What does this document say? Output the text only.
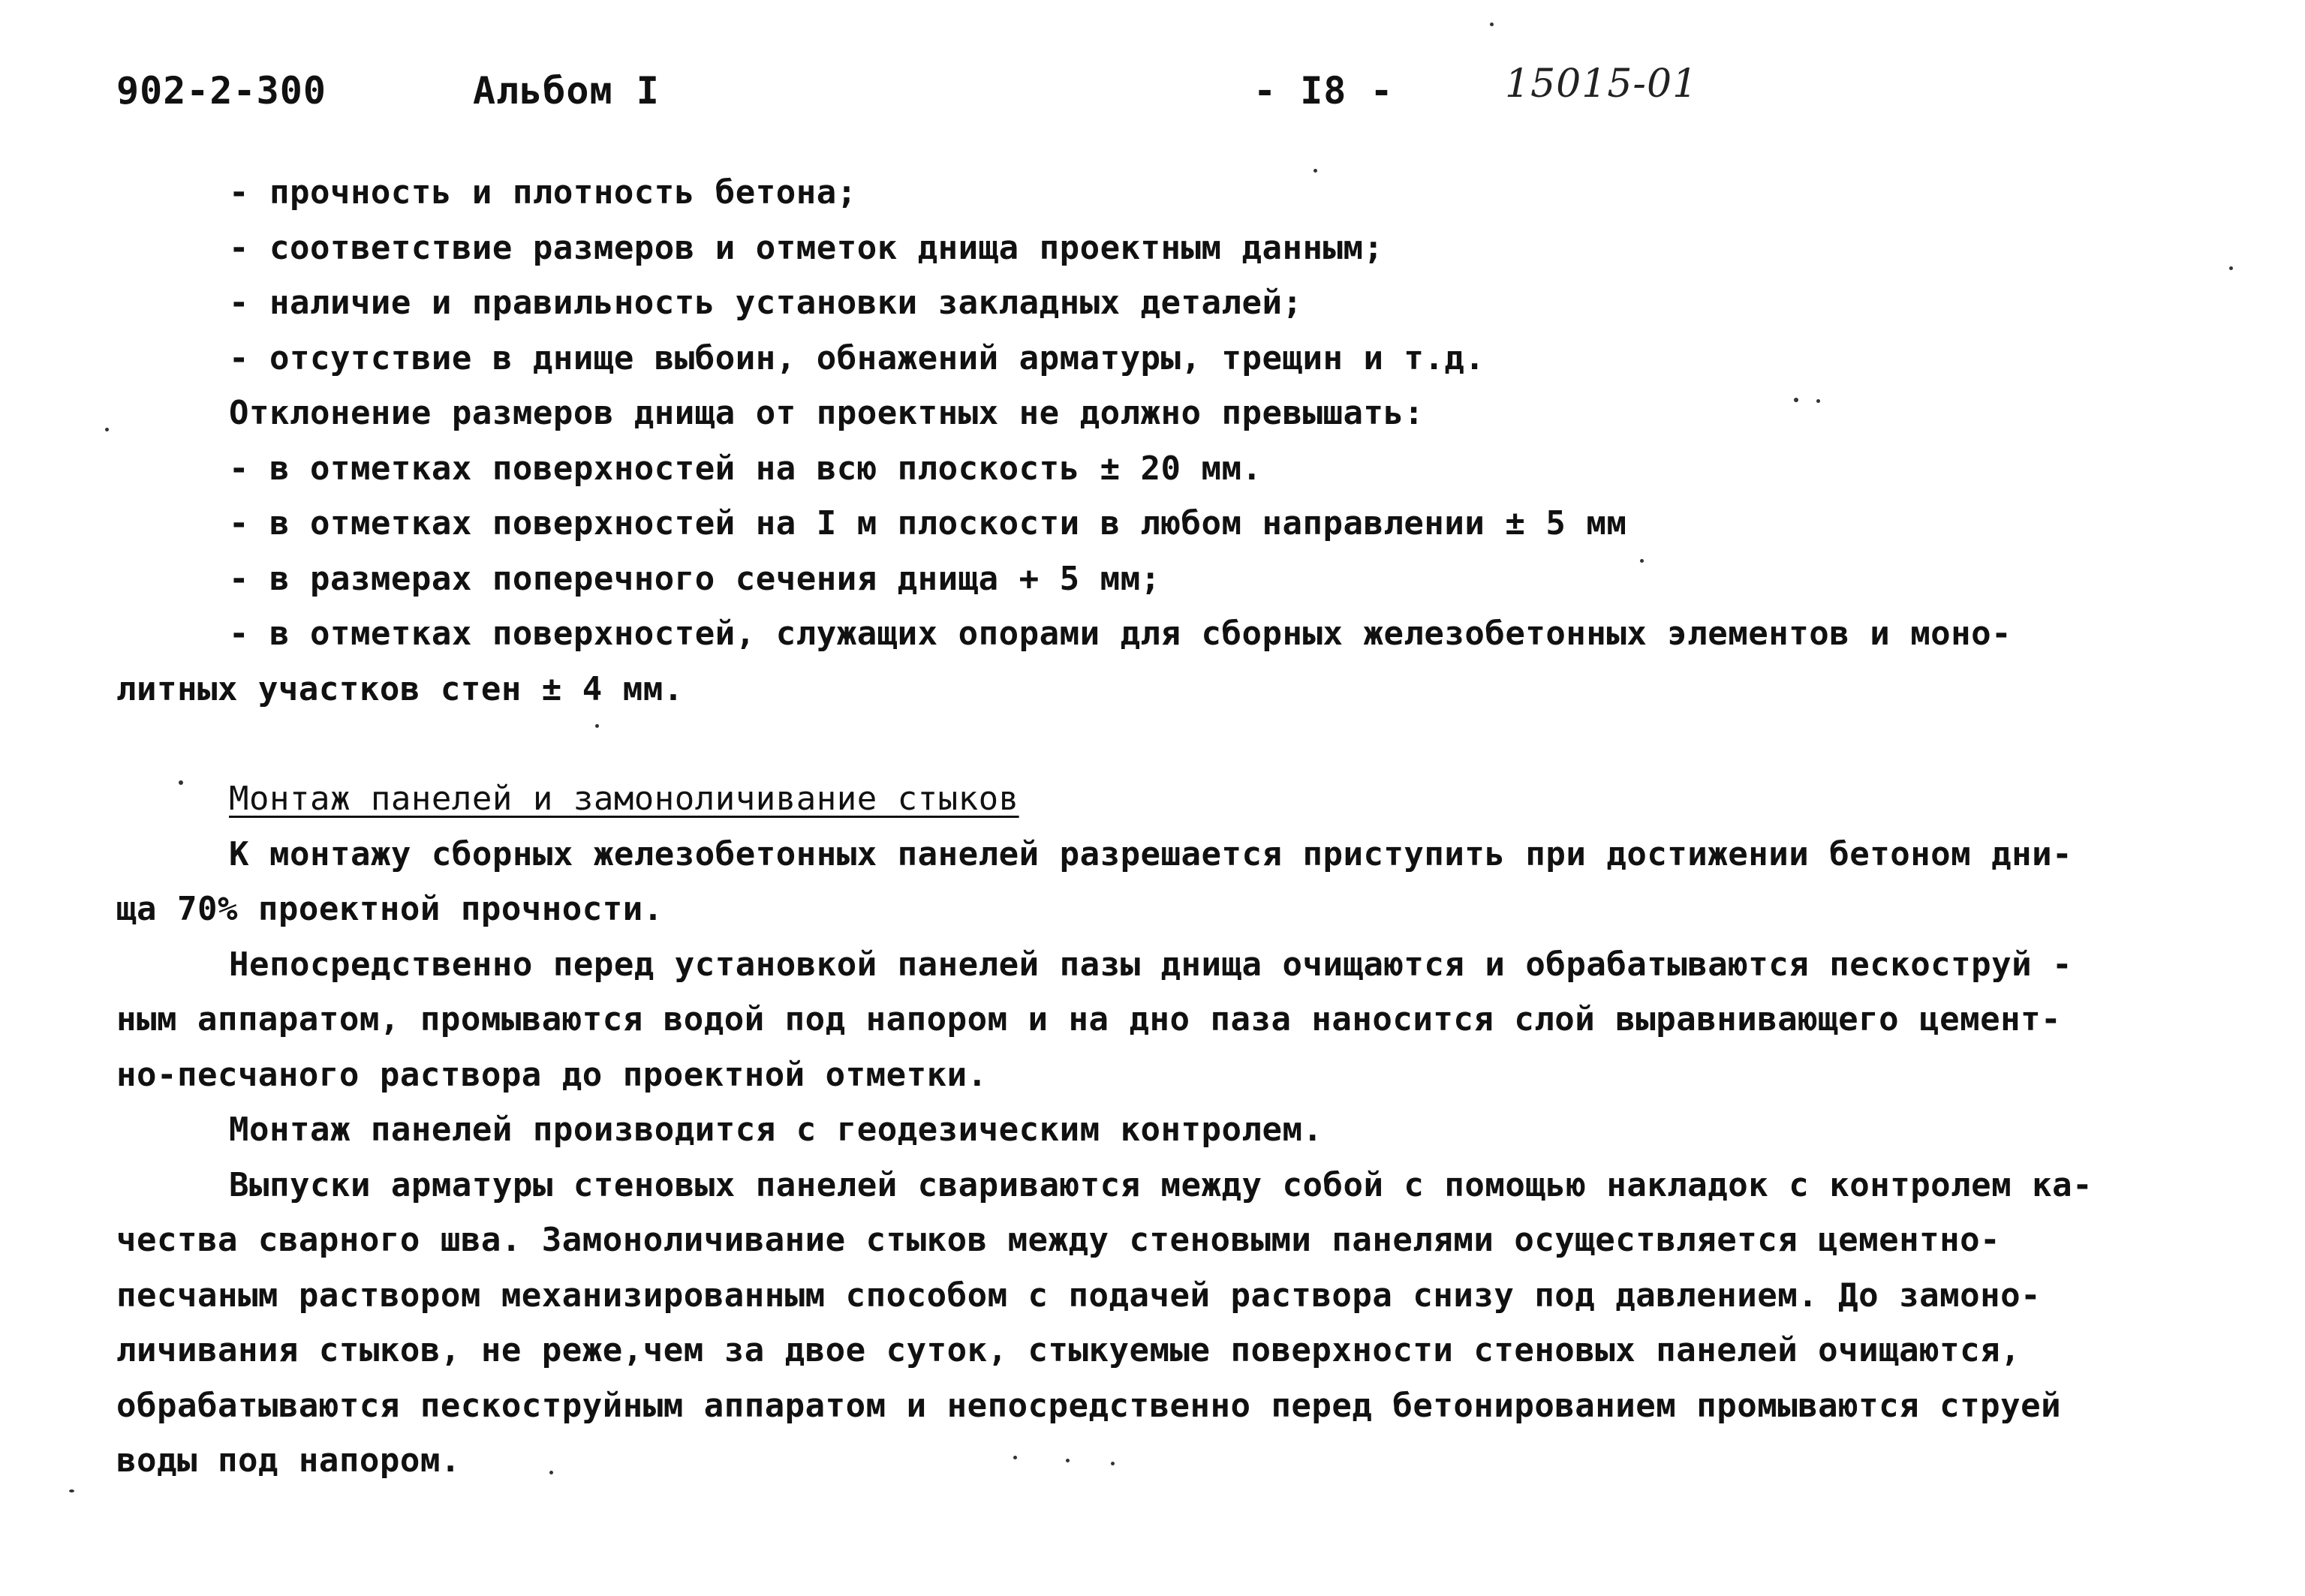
902-2-300	Альбом I	- I8 -	15015-01
- прочность и плотность бетона;
- соответствие размеров и отметок днища проектным данным;
- наличие и правильность установки закладных деталей;
- отсутствие в днище выбоин, обнажений арматуры, трещин и т.д.
Отклонение размеров днища от проектных не должно превышать:
- в отметках поверхностей на всю плоскость ± 20 мм.
- в отметках поверхностей на I м плоскости в любом направлении ± 5 мм
- в размерах поперечного сечения днища + 5 мм;
- в отметках поверхностей, служащих опорами для сборных железобетонных элементов и моно-
литных участков стен ± 4 мм.
Монтаж панелей и замоноличивание стыков
К монтажу сборных железобетонных панелей разрешается приступить при достижении бетоном дни-
ща 70% проектной прочности.
Непосредственно перед установкой панелей пазы днища очищаются и обрабатываются пескоструй -
ным аппаратом, промываются водой под напором и на дно паза наносится слой выравнивающего цемент-
но-песчаного раствора до проектной отметки.
Монтаж панелей производится с геодезическим контролем.
Выпуски арматуры стеновых панелей свариваются между собой с помощью накладок с контролем ка-
чества сварного шва. Замоноличивание стыков между стеновыми панелями осуществляется цементно-
песчаным раствором механизированным способом с подачей раствора снизу под давлением. До замоно-
личивания стыков, не реже,чем за двое суток, стыкуемые поверхности стеновых панелей очищаются,
обрабатываются пескоструйным аппаратом и непосредственно перед бетонированием промываются струей
воды под напором.
